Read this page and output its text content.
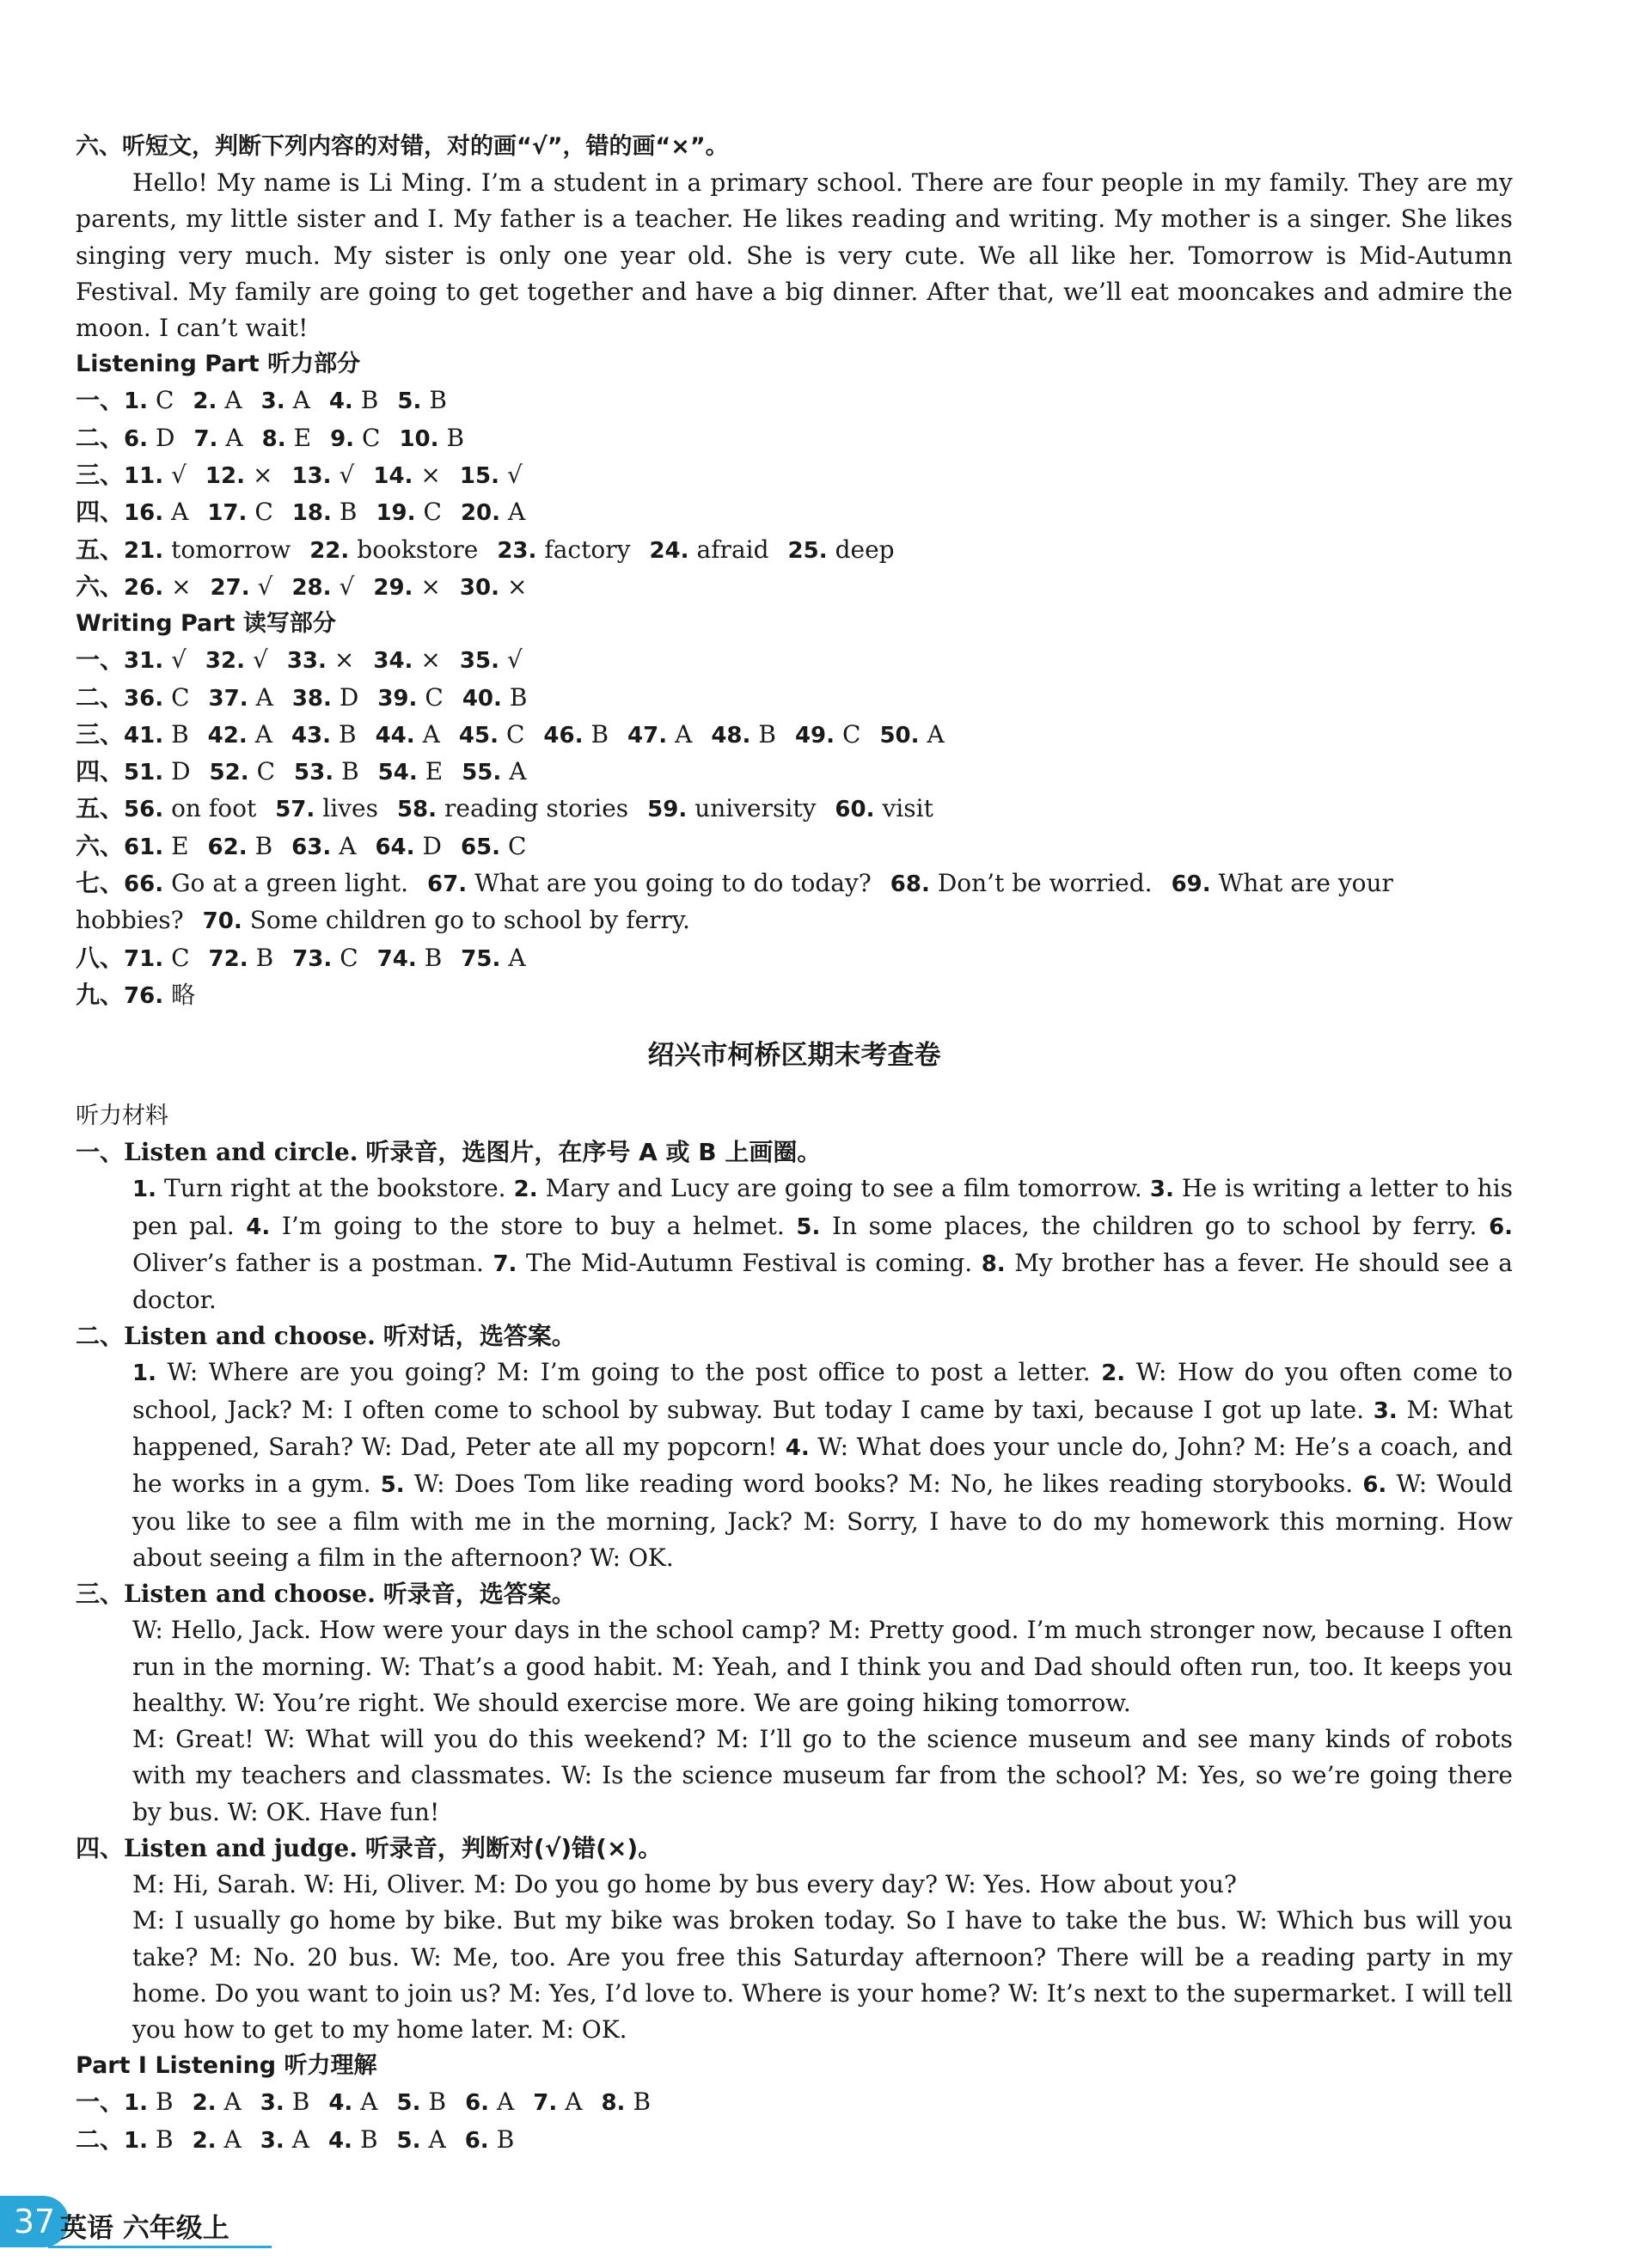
六、听短文，判断下列内容的对错，对的画“√”，错的画“×”。
Hello! My name is Li Ming. I’m a student in a primary school. There are four people in my family. They are my parents, my little sister and I. My father is a teacher. He likes reading and writing. My mother is a singer. She likes singing very much. My sister is only one year old. She is very cute. We all like her. Tomorrow is Mid-Autumn Festival. My family are going to get together and have a big dinner. After that, we’ll eat mooncakes and admire the moon. I can’t wait!
Listening Part 听力部分
一、1. C 2. A 3. A 4. B 5. B
二、6. D 7. A 8. E 9. C 10. B
三、11. √ 12. × 13. √ 14. × 15. √
四、16. A 17. C 18. B 19. C 20. A
五、21. tomorrow 22. bookstore 23. factory 24. afraid 25. deep
六、26. × 27. √ 28. √ 29. × 30. ×
Writing Part 读写部分
一、31. √ 32. √ 33. × 34. × 35. √
二、36. C 37. A 38. D 39. C 40. B
三、41. B 42. A 43. B 44. A 45. C 46. B 47. A 48. B 49. C 50. A
四、51. D 52. C 53. B 54. E 55. A
五、56. on foot 57. lives 58. reading stories 59. university 60. visit
六、61. E 62. B 63. A 64. D 65. C
七、66. Go at a green light. 67. What are you going to do today? 68. Don’t be worried. 69. What are your hobbies? 70. Some children go to school by ferry.
八、71. C 72. B 73. C 74. B 75. A
九、76. 略
绍兴市柯桥区期末考查卷
听力材料
一、Listen and circle. 听录音，选图片，在序号 A 或 B 上画圈。
1. Turn right at the bookstore. 2. Mary and Lucy are going to see a film tomorrow. 3. He is writing a letter to his pen pal. 4. I’m going to the store to buy a helmet. 5. In some places, the children go to school by ferry. 6. Oliver’s father is a postman. 7. The Mid-Autumn Festival is coming. 8. My brother has a fever. He should see a doctor.
二、Listen and choose. 听对话，选答案。
1. W: Where are you going? M: I’m going to the post office to post a letter. 2. W: How do you often come to school, Jack? M: I often come to school by subway. But today I came by taxi, because I got up late. 3. M: What happened, Sarah? W: Dad, Peter ate all my popcorn! 4. W: What does your uncle do, John? M: He’s a coach, and he works in a gym. 5. W: Does Tom like reading word books? M: No, he likes reading storybooks. 6. W: Would you like to see a film with me in the morning, Jack? M: Sorry, I have to do my homework this morning. How about seeing a film in the afternoon? W: OK.
三、Listen and choose. 听录音，选答案。
W: Hello, Jack. How were your days in the school camp? M: Pretty good. I’m much stronger now, because I often run in the morning. W: That’s a good habit. M: Yeah, and I think you and Dad should often run, too. It keeps you healthy. W: You’re right. We should exercise more. We are going hiking tomorrow.
M: Great! W: What will you do this weekend? M: I’ll go to the science museum and see many kinds of robots with my teachers and classmates. W: Is the science museum far from the school? M: Yes, so we’re going there by bus. W: OK. Have fun!
四、Listen and judge. 听录音，判断对(√)错(×)。
M: Hi, Sarah. W: Hi, Oliver. M: Do you go home by bus every day? W: Yes. How about you?
M: I usually go home by bike. But my bike was broken today. So I have to take the bus. W: Which bus will you take? M: No. 20 bus. W: Me, too. Are you free this Saturday afternoon? There will be a reading party in my home. Do you want to join us? M: Yes, I’d love to. Where is your home? W: It’s next to the supermarket. I will tell you how to get to my home later. M: OK.
Part Ⅰ Listening 听力理解
一、1. B 2. A 3. B 4. A 5. B 6. A 7. A 8. B
二、1. B 2. A 3. A 4. B 5. A 6. B
37 英语 六年级上
